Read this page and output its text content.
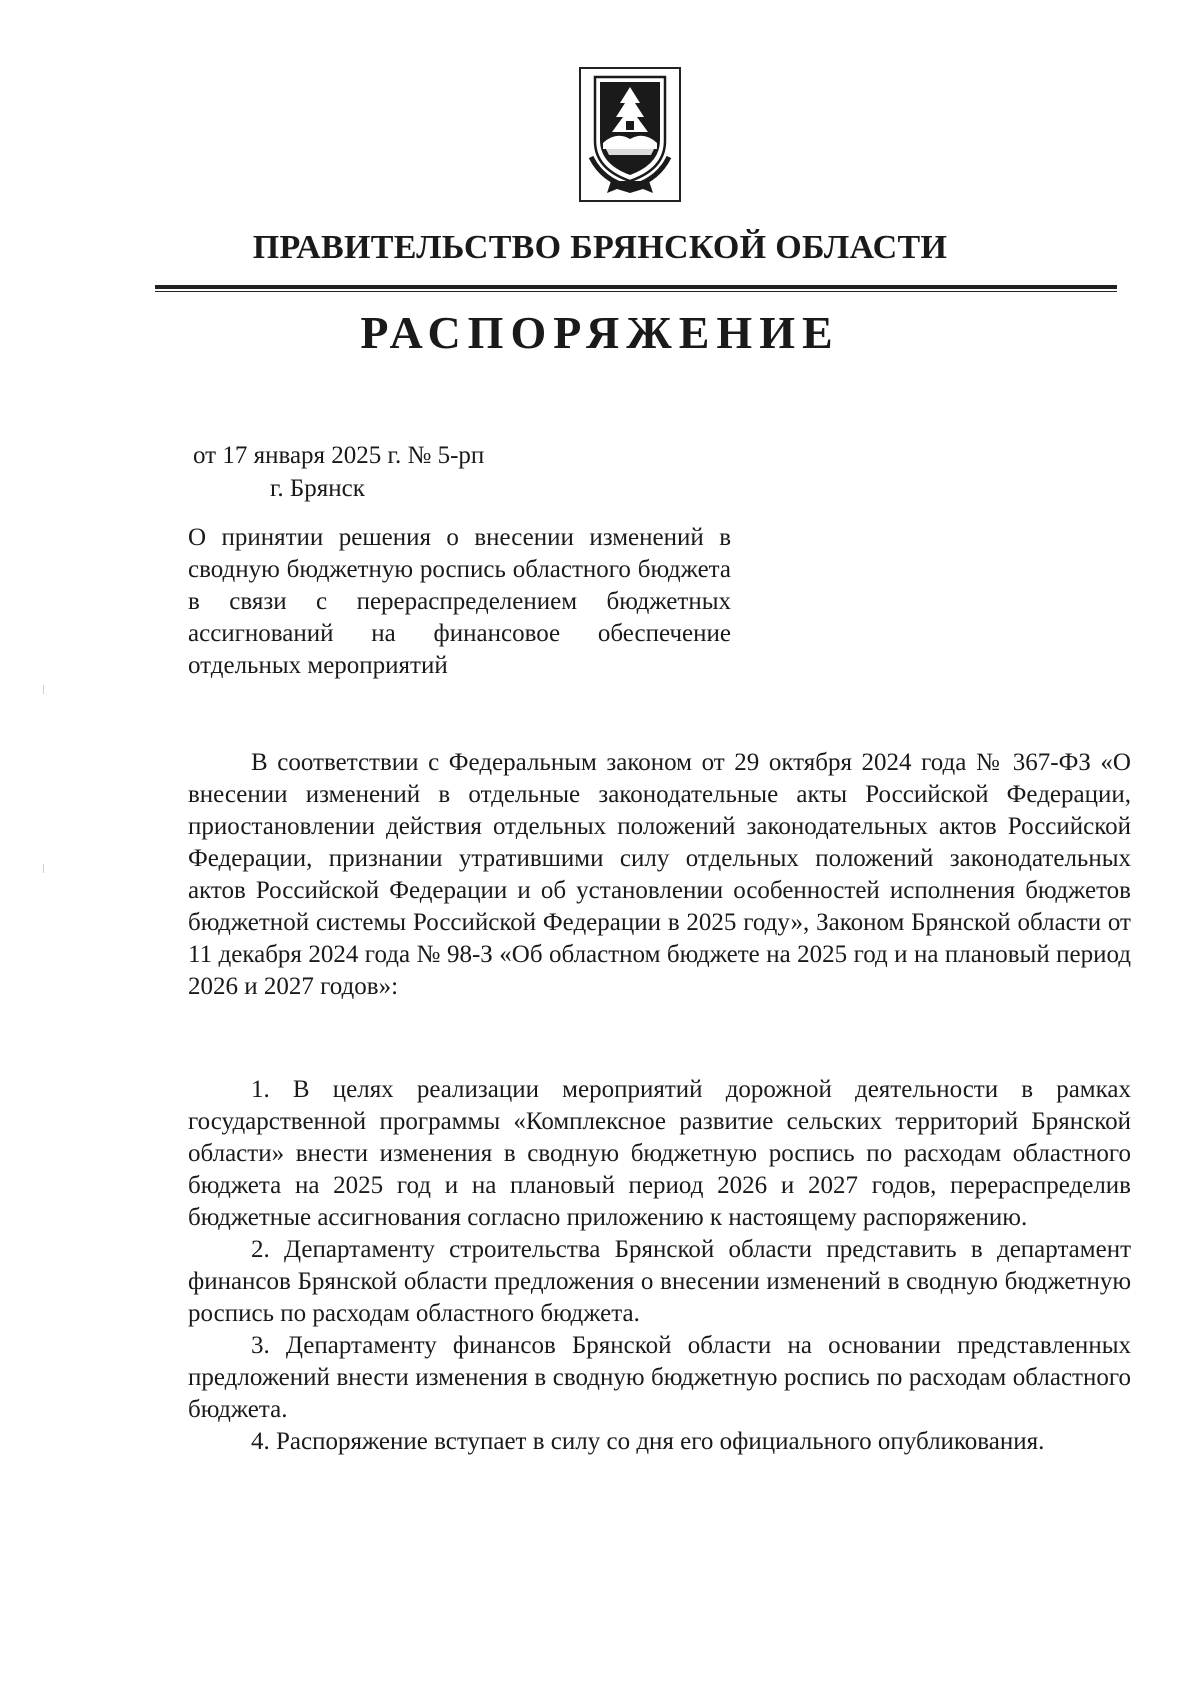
ПРАВИТЕЛЬСТВО БРЯНСКОЙ ОБЛАСТИ
РАСПОРЯЖЕНИЕ
от 17 января 2025 г. № 5-рп
г. Брянск

О принятии решения о внесении изменений в сводную бюджетную роспись областного бюджета в связи с перераспределением бюджетных ассигнований на финансовое обеспечение отдельных мероприятий

В соответствии с Федеральным законом от 29 октября 2024 года № 367-ФЗ «О внесении изменений в отдельные законодательные акты Российской Федерации, приостановлении действия отдельных положений законодательных актов Российской Федерации, признании утратившими силу отдельных положений законодательных актов Российской Федерации и об установлении особенностей исполнения бюджетов бюджетной системы Российской Федерации в 2025 году», Законом Брянской области от 11 декабря 2024 года № 98-З «Об областном бюджете на 2025 год и на плановый период 2026 и 2027 годов»:

1. В целях реализации мероприятий дорожной деятельности в рамках государственной программы «Комплексное развитие сельских территорий Брянской области» внести изменения в сводную бюджетную роспись по расходам областного бюджета на 2025 год и на плановый период 2026 и 2027 годов, перераспределив бюджетные ассигнования согласно приложению к настоящему распоряжению.

2. Департаменту строительства Брянской области представить в департамент финансов Брянской области предложения о внесении изменений в сводную бюджетную роспись по расходам областного бюджета.

3. Департаменту финансов Брянской области на основании представленных предложений внести изменения в сводную бюджетную роспись по расходам областного бюджета.

4. Распоряжение вступает в силу со дня его официального опубликования.
